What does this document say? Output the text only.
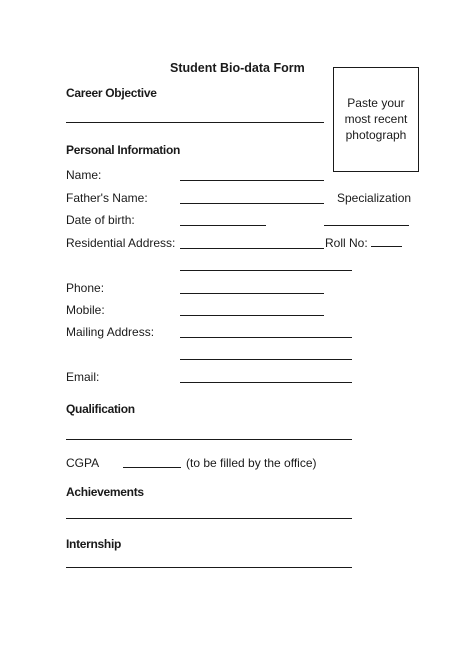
Student Bio-data Form
Paste your
most recent
photograph
Career Objective
Personal Information
Name:
Father's Name:	Specialization
Date of birth:
Residential Address:	Roll No:
Phone:
Mobile:
Mailing Address:
Email:
Qualification
CGPA	(to be filled by the office)
Achievements
Internship
